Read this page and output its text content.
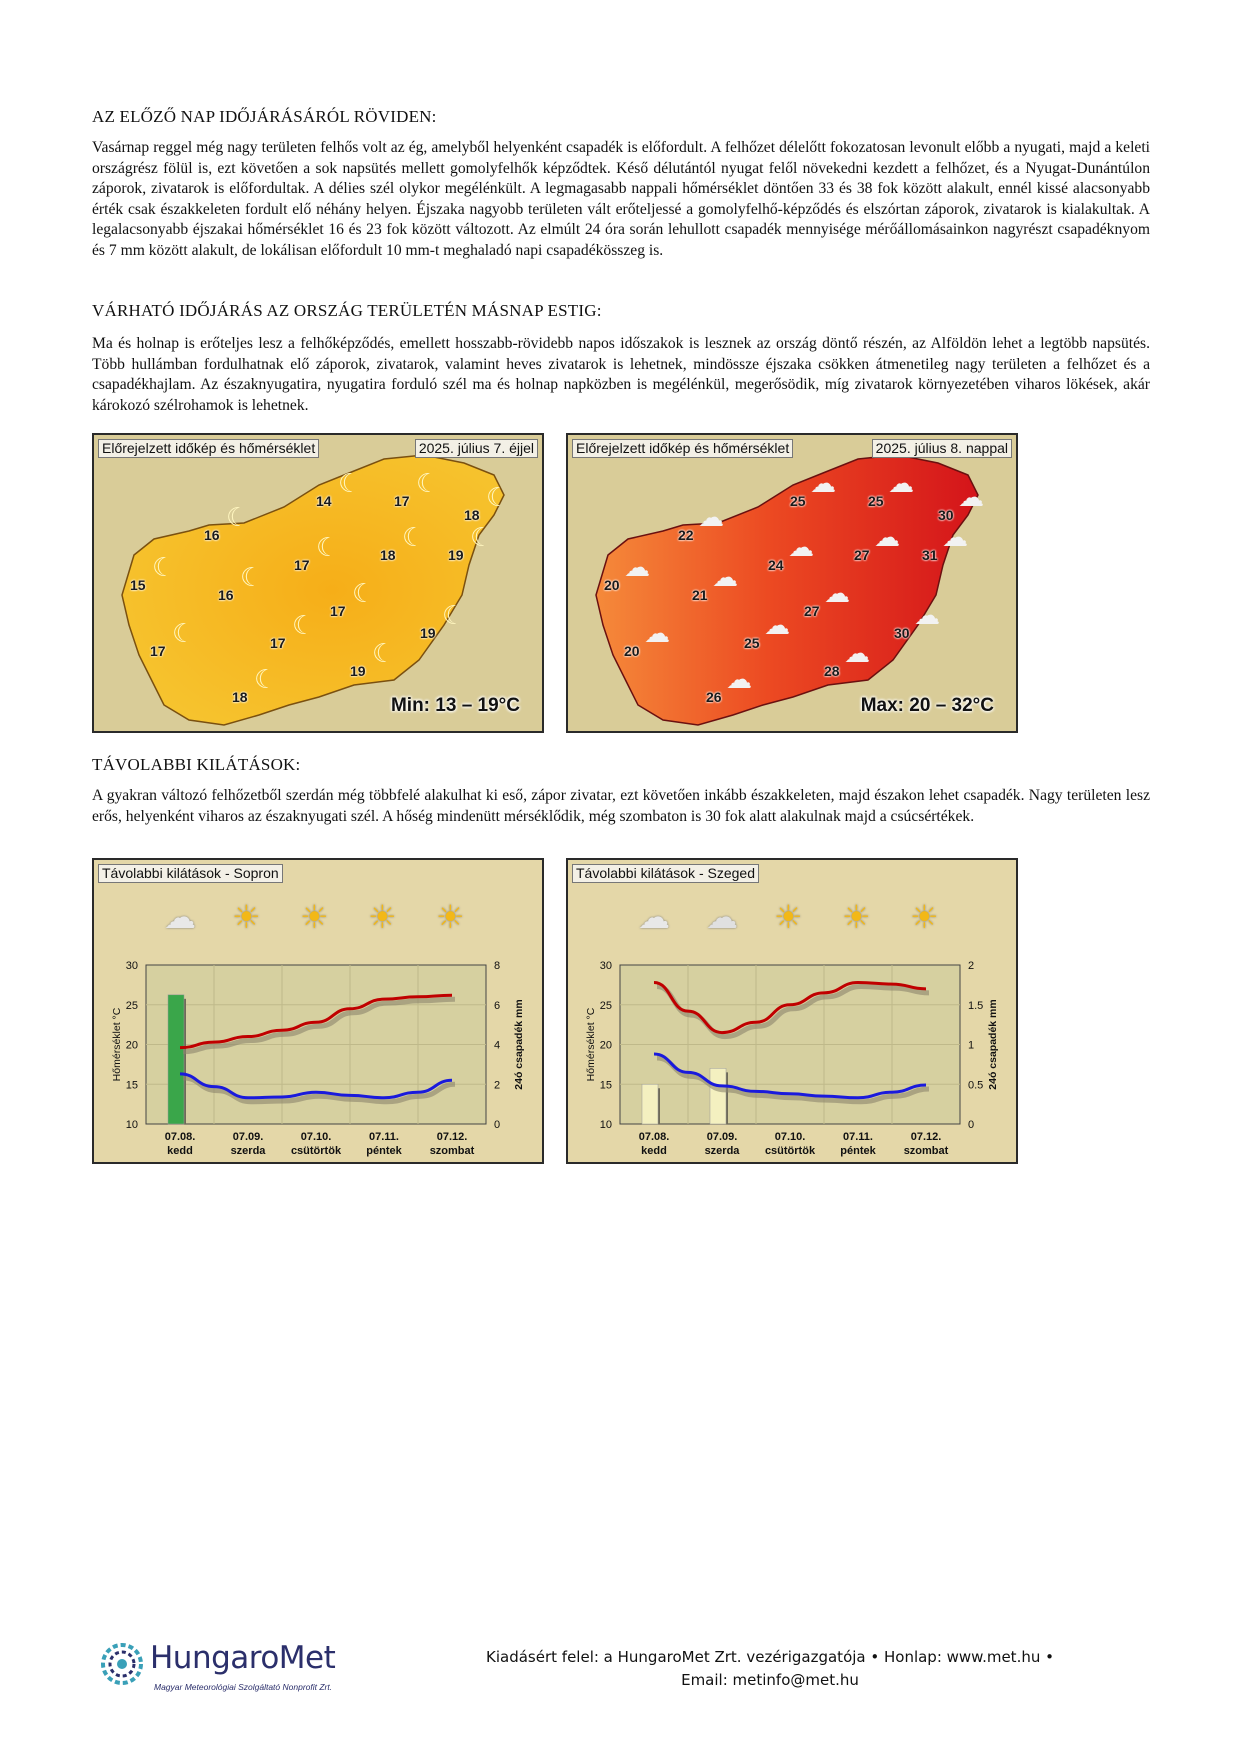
AZ ELŐZŐ NAP IDŐJÁRÁSÁRÓL RÖVIDEN:

Vasárnap reggel még nagy területen felhős volt az ég, amelyből helyenként csapadék is előfordult. A felhőzet délelőtt fokozatosan levonult előbb a nyugati, majd a keleti országrész fölül is, ezt követően a sok napsütés mellett gomolyfelhők képződtek. Késő délutántól nyugat felől növekedni kezdett a felhőzet, és a Nyugat-Dunántúlon záporok, zivatarok is előfordultak. A délies szél olykor megélénkült. A legmagasabb nappali hőmérséklet döntően 33 és 38 fok között alakult, ennél kissé alacsonyabb érték csak északkeleten fordult elő néhány helyen. Éjszaka nagyobb területen vált erőteljessé a gomolyfelhő-képződés és elszórtan záporok, zivatarok is kialakultak. A legalacsonyabb éjszakai hőmérséklet 16 és 23 fok között változott. Az elmúlt 24 óra során lehullott csapadék mennyisége mérőállomásainkon nagyrészt csapadéknyom és 7 mm között alakult, de lokálisan előfordult 10 mm-t meghaladó napi csapadékösszeg is.

VÁRHATÓ IDŐJÁRÁS AZ ORSZÁG TERÜLETÉN MÁSNAP ESTIG:

Ma és holnap is erőteljes lesz a felhőképződés, emellett hosszabb-rövidebb napos időszakok is lesznek az ország döntő részén, az Alföldön lehet a legtöbb napsütés. Több hullámban fordulhatnak elő záporok, zivatarok, valamint heves zivatarok is lehetnek, mindössze éjszaka csökken átmenetileg nagy területen a felhőzet és a csapadékhajlam. Az északnyugatira, nyugatira forduló szél ma és holnap napközben is megélénkül, megerősödik, míg zivatarok környezetében viharos lökések, akár károkozó szélrohamok is lehetnek.

Előrejelzett időkép és hőmérséklet	2025. július 7. éjjel
Min: 13 – 19°C
14
☾
17
☾
18
☾
16
☾
17
☾	18
☾
19
☾
15
☾
16
☾
17
☾
17
☾	19
☾
17
☾
19
☾
18
☾
Előrejelzett időkép és hőmérséklet	2025. július 8. nappal
Max: 20 – 32°C
25
☁
25
☁
30
☁
22
☁
24
☁	27
☁
31
☁
20
☁
21
☁
27
☁
25
☁	30
☁
20
☁
28
☁
26
☁
TÁVOLABBI KILÁTÁSOK:

A gyakran változó felhőzetből szerdán még többfelé alakulhat ki eső, zápor zivatar, ezt követően inkább északkeleten, majd északon lehet csapadék. Nagy területen lesz erős, helyenként viharos az északnyugati szél. A hőség mindenütt mérséklődik, még szombaton is 30 fok alatt alakulnak majd a csúcsértékek.

10
15
20
25
30
0
2
4
6
8
Hőmérséklet °C	24ó csapadék mm
07.08.
kedd
07.09.
szerda
07.10.
csütörtök
07.11.
péntek
07.12.
szombat
Távolabbi kilátások - Sopron
☁ ☀ ☀ ☀ ☀
10
15
20
25
30
0
0.5
1
1.5
2
Hőmérséklet °C	24ó csapadék mm
07.08.
kedd
07.09.
szerda
07.10.
csütörtök
07.11.
péntek
07.12.
szombat
Távolabbi kilátások - Szeged
☁ ☁ ☀ ☀ ☀
HungaroMet
Magyar Meteorológiai Szolgáltató Nonprofit Zrt.
Kiadásért felel: a HungaroMet Zrt. vezérigazgatója • Honlap: www.met.hu •
Email: metinfo@met.hu
